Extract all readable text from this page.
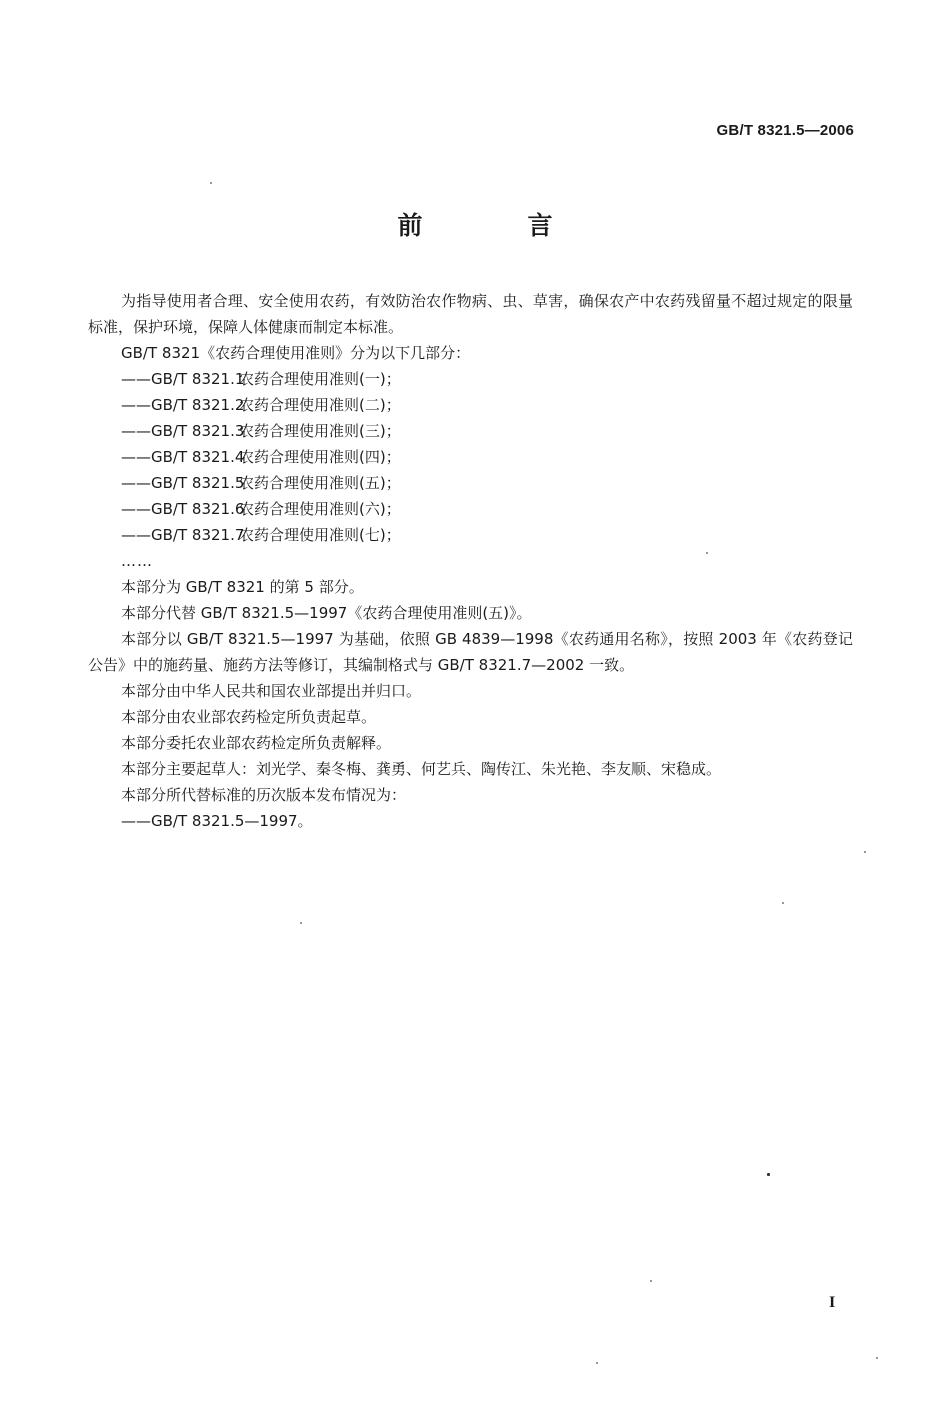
GB/T 8321.5—2006
前　言

为指导使用者合理、安全使用农药，有效防治农作物病、虫、草害，确保农产中农药残留量不超过规定的限量标准，保护环境，保障人体健康而制定本标准。

GB/T 8321《农药合理使用准则》分为以下几部分：

——GB/T 8321.1农药合理使用准则(一)；

——GB/T 8321.2农药合理使用准则(二)；

——GB/T 8321.3农药合理使用准则(三)；

——GB/T 8321.4农药合理使用准则(四)；

——GB/T 8321.5农药合理使用准则(五)；

——GB/T 8321.6农药合理使用准则(六)；

——GB/T 8321.7农药合理使用准则(七)；

……

本部分为 GB/T 8321 的第 5 部分。

本部分代替 GB/T 8321.5—1997《农药合理使用准则(五)》。

本部分以 GB/T 8321.5—1997 为基础，依照 GB 4839—1998《农药通用名称》，按照 2003 年《农药登记公告》中的施药量、施药方法等修订，其编制格式与 GB/T 8321.7—2002 一致。

本部分由中华人民共和国农业部提出并归口。

本部分由农业部农药检定所负责起草。

本部分委托农业部农药检定所负责解释。

本部分主要起草人：刘光学、秦冬梅、龚勇、何艺兵、陶传江、朱光艳、李友顺、宋稳成。

本部分所代替标准的历次版本发布情况为：

——GB/T 8321.5—1997。

I
